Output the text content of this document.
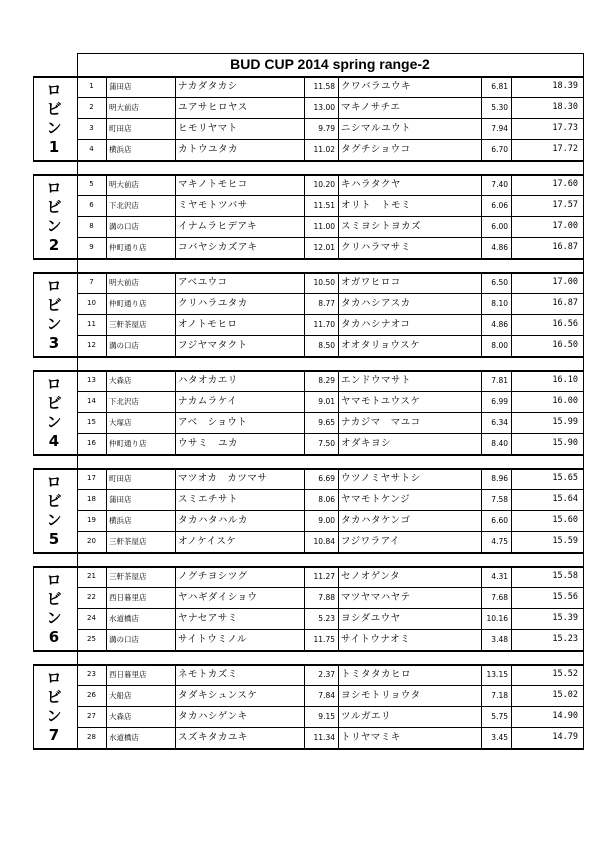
BUD CUP 2014 spring range-2
1	蒲田店	ナカダタカシ	11.58 クワバラユウキ	6.81	18.39
2	明大前店	ユアサヒロヤス	13.00 マキノサチエ	5.30	18.30
3	町田店	ヒモリヤマト	9.79 ニシマルユウト	7.94	17.73
4	横浜店	カトウユタカ	11.02 タグチショウコ	6.70	17.72
ロ
ビ
ン
1
5	明大前店	マキノトモヒコ	10.20 キハラタクヤ	7.40	17.60
6	下北沢店	ミヤモトツバサ	11.51 オリト　トモミ	6.06	17.57
8	溝の口店	イナムラヒデアキ	11.00 スミヨシトヨカズ	6.00	17.00
9	仲町通り店	コバヤシカズアキ	12.01 クリハラマサミ	4.86	16.87
ロ
ビ
ン
2
7	明大前店	アベユウコ	10.50 オガワヒロコ	6.50	17.00
10	仲町通り店	クリハラユタカ	8.77 タカハシアスカ	8.10	16.87
11	三軒茶屋店	オノトモヒロ	11.70 タカハシナオコ	4.86	16.56
12	溝の口店	フジヤマタクト	8.50 オオタリョウスケ	8.00	16.50
ロ
ビ
ン
3
13	大森店	ハタオカエリ	8.29 エンドウマサト	7.81	16.10
14	下北沢店	ナカムラケイ	9.01 ヤマモトユウスケ	6.99	16.00
15	大塚店	アベ　ショウト	9.65 ナカジマ　マユコ	6.34	15.99
16	仲町通り店	ウサミ　ユカ	7.50 オダキヨシ	8.40	15.90
ロ
ビ
ン
4
17	町田店	マツオカ　カツマサ	6.69 ウツノミヤサトシ	8.96	15.65
18	蒲田店	スミエチサト	8.06 ヤマモトケンジ	7.58	15.64
19	横浜店	タカハタハルカ	9.00 タカハタケンゴ	6.60	15.60
20	三軒茶屋店	オノケイスケ	10.84 フジワラアイ	4.75	15.59
ロ
ビ
ン
5
21	三軒茶屋店	ノグチヨシツグ	11.27 セノオゲンタ	4.31	15.58
22	西日暮里店	ヤハギダイショウ	7.88 マツヤマハヤテ	7.68	15.56
24	水道橋店	ヤナセアサミ	5.23 ヨシダユウヤ	10.16	15.39
25	溝の口店	サイトウミノル	11.75 サイトウナオミ	3.48	15.23
ロ
ビ
ン
6
23	西日暮里店	ネモトカズミ	2.37 トミタタカヒロ	13.15	15.52
26	大船店	タダキシュンスケ	7.84 ヨシモトリョウタ	7.18	15.02
27	大森店	タカハシゲンキ	9.15 ツルガエリ	5.75	14.90
28	水道橋店	スズキタカユキ	11.34 トリヤマミキ	3.45	14.79
ロ
ビ
ン
7
